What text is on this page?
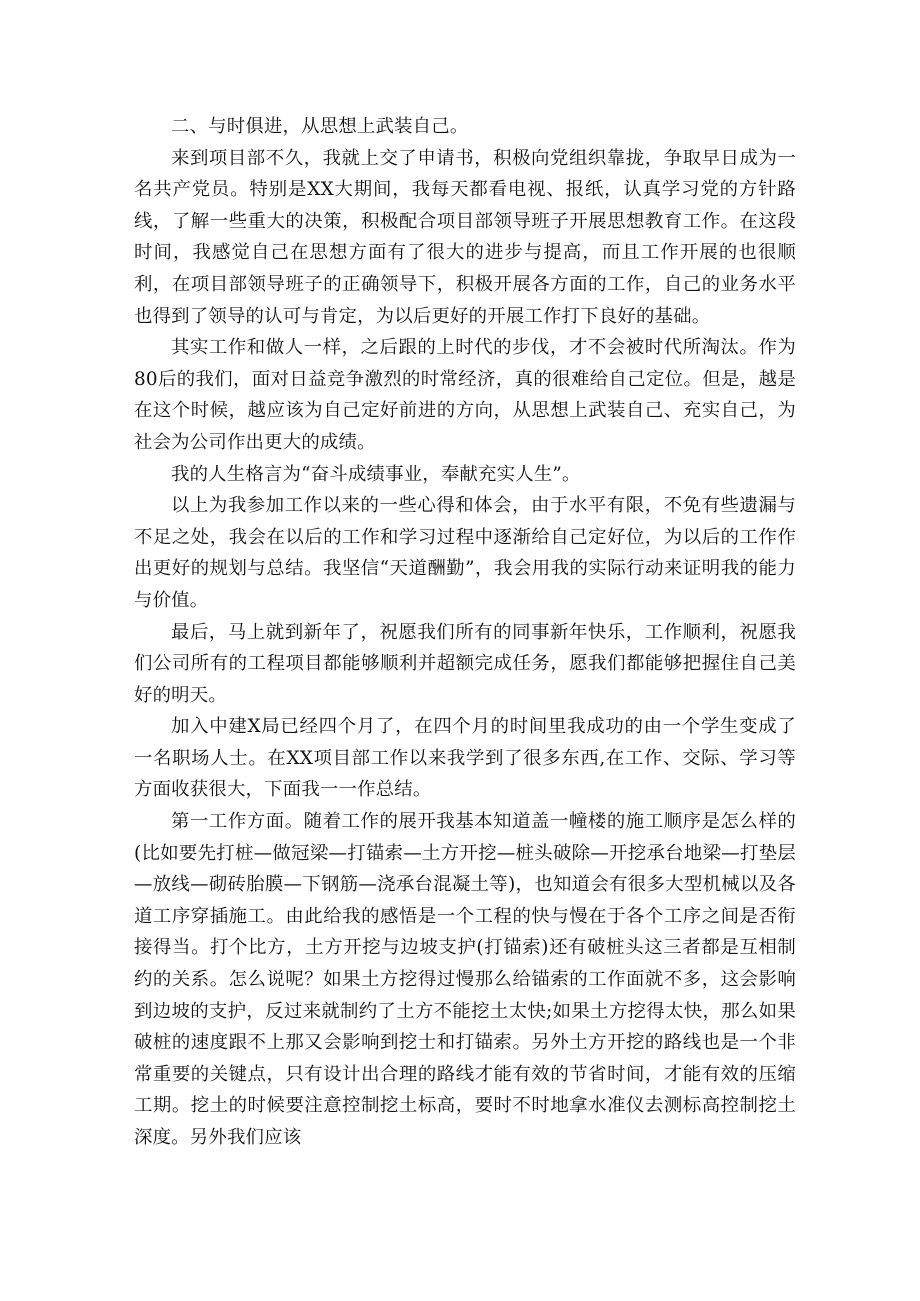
二、与时俱进，从思想上武装自己。

来到项目部不久，我就上交了申请书，积极向党组织靠拢，争取早日成为一名共产党员。特别是XX大期间，我每天都看电视、报纸，认真学习党的方针路线，了解一些重大的决策，积极配合项目部领导班子开展思想教育工作。在这段时间，我感觉自己在思想方面有了很大的进步与提高，而且工作开展的也很顺利，在项目部领导班子的正确领导下，积极开展各方面的工作，自己的业务水平也得到了领导的认可与肯定，为以后更好的开展工作打下良好的基础。

其实工作和做人一样，之后跟的上时代的步伐，才不会被时代所淘汰。作为80后的我们，面对日益竞争激烈的时常经济，真的很难给自己定位。但是，越是在这个时候，越应该为自己定好前进的方向，从思想上武装自己、充实自己，为社会为公司作出更大的成绩。

我的人生格言为“奋斗成绩事业，奉献充实人生”。

以上为我参加工作以来的一些心得和体会，由于水平有限，不免有些遗漏与不足之处，我会在以后的工作和学习过程中逐渐给自己定好位，为以后的工作作出更好的规划与总结。我坚信“天道酬勤”，我会用我的实际行动来证明我的能力与价值。

最后，马上就到新年了，祝愿我们所有的同事新年快乐，工作顺利，祝愿我们公司所有的工程项目都能够顺利并超额完成任务，愿我们都能够把握住自己美好的明天。

加入中建X局已经四个月了，在四个月的时间里我成功的由一个学生变成了一名职场人士。在XX项目部工作以来我学到了很多东西,在工作、交际、学习等方面收获很大，下面我一一作总结。

第一工作方面。随着工作的展开我基本知道盖一幢楼的施工顺序是怎么样的(比如要先打桩—做冠梁—打锚索—土方开挖—桩头破除—开挖承台地梁—打垫层—放线—砌砖胎膜—下钢筋—浇承台混凝土等)，也知道会有很多大型机械以及各道工序穿插施工。由此给我的感悟是一个工程的快与慢在于各个工序之间是否衔接得当。打个比方，土方开挖与边坡支护(打锚索)还有破桩头这三者都是互相制约的关系。怎么说呢？如果土方挖得过慢那么给锚索的工作面就不多，这会影响到边坡的支护，反过来就制约了土方不能挖土太快;如果土方挖得太快，那么如果破桩的速度跟不上那又会影响到挖士和打锚索。另外土方开挖的路线也是一个非常重要的关键点，只有设计出合理的路线才能有效的节省时间，才能有效的压缩工期。挖土的时候要注意控制挖土标高，要时不时地拿水准仪去测标高控制挖土深度。另外我们应该
